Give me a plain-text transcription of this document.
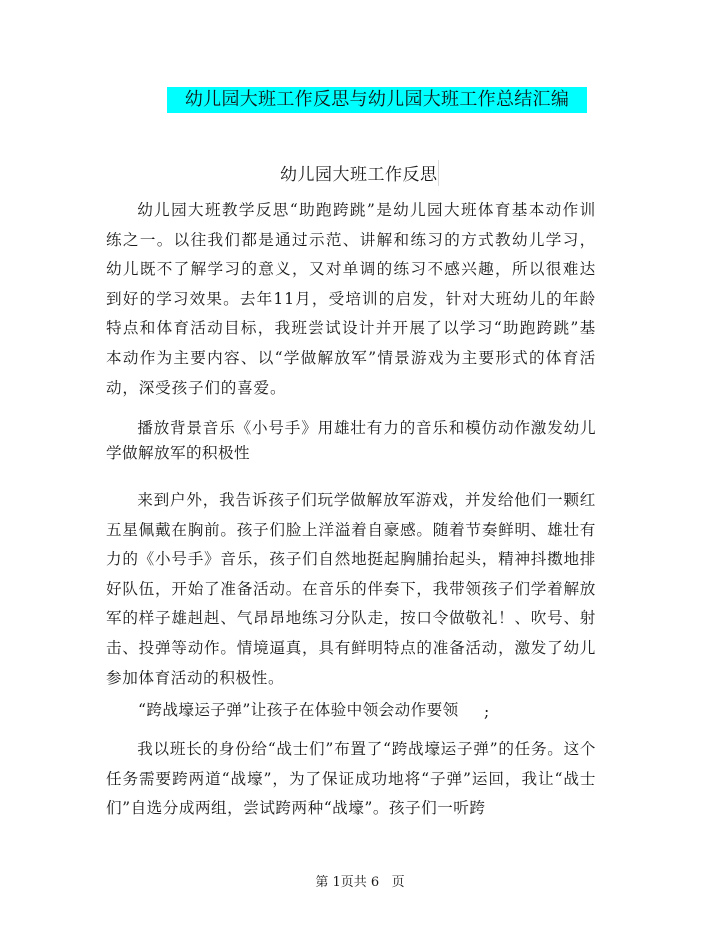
幼儿园大班工作反思与幼儿园大班工作总结汇编
幼儿园大班工作反思
幼儿园大班教学反思“助跑跨跳”是幼儿园大班体育基本动作训练之一。以往我们都是通过示范、讲解和练习的方式教幼儿学习，幼儿既不了解学习的意义，又对单调的练习不感兴趣，所以很难达到好的学习效果。去年11月，受培训的启发，针对大班幼儿的年龄特点和体育活动目标，我班尝试设计并开展了以学习“助跑跨跳”基本动作为主要内容、以“学做解放军”情景游戏为主要形式的体育活动，深受孩子们的喜爱。
播放背景音乐《小号手》用雄壮有力的音乐和模仿动作激发幼儿学做解放军的积极性
来到户外，我告诉孩子们玩学做解放军游戏，并发给他们一颗红五星佩戴在胸前。孩子们脸上洋溢着自豪感。随着节奏鲜明、雄壮有力的《小号手》音乐，孩子们自然地挺起胸脯抬起头，精神抖擞地排好队伍，开始了准备活动。在音乐的伴奏下，我带领孩子们学着解放军的样子雄赳赳、气昂昂地练习分队走，按口令做敬礼！、吹号、射击、投弹等动作。情境逼真，具有鲜明特点的准备活动，激发了幼儿参加体育活动的积极性。
“跨战壕运子弹”让孩子在体验中领会动作要领 ;
我以班长的身份给“战士们”布置了“跨战壕运子弹”的任务。这个任务需要跨两道“战壕”，为了保证成功地将“子弹”运回，我让“战士们”自选分成两组，尝试跨两种“战壕”。孩子们一听跨
第 1页共 6   页
